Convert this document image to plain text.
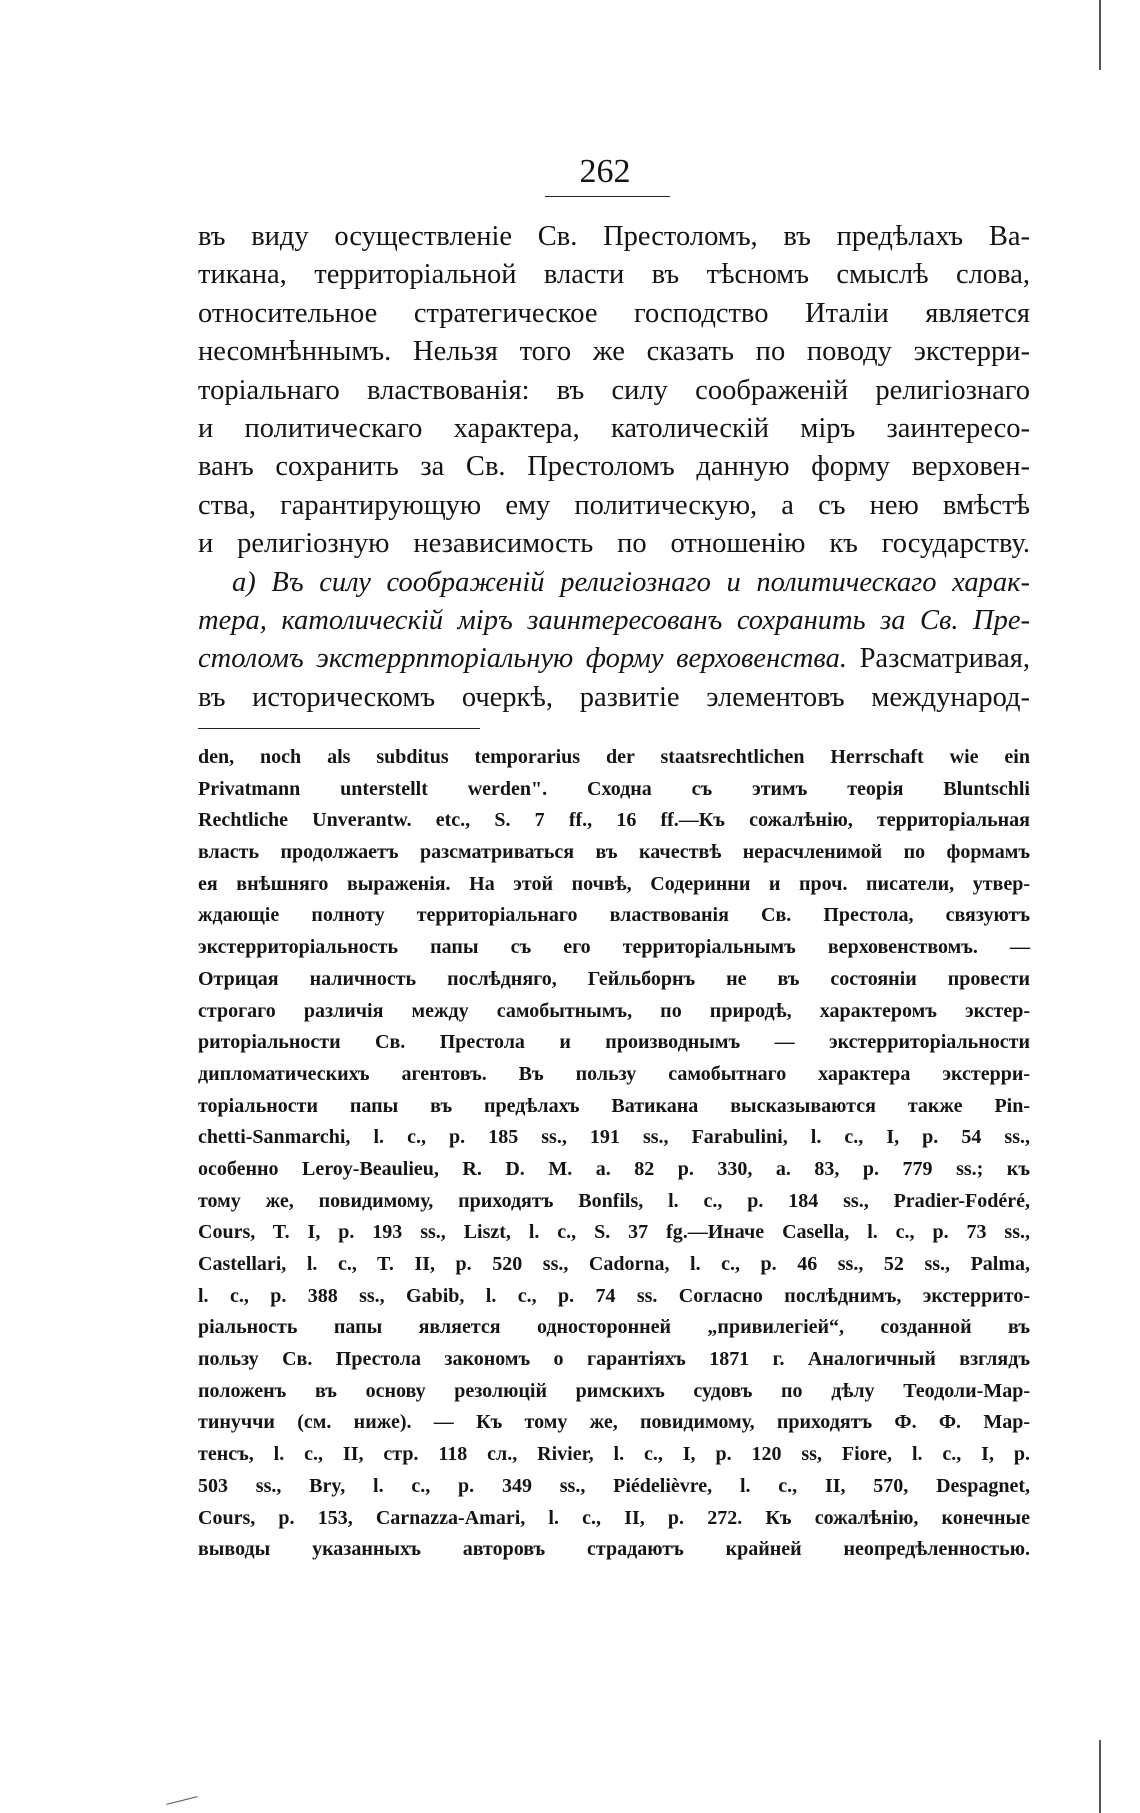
262
въ виду осуществленіе Св. Престоломъ, въ предѣлахъ Ва-
тикана, территоріальной власти въ тѣсномъ смыслѣ слова,
относительное стратегическое господство Италіи является
несомнѣннымъ. Нельзя того же сказать по поводу экстерри-
торіальнаго властвованія: въ силу соображеній религіознаго
и политическаго характера, католическій міръ заинтересо-
ванъ сохранить за Св. Престоломъ данную форму верховен-
ства, гарантирующую ему политическую, а съ нею вмѣстѣ
и религіозную независимость по отношенію къ государству.
а) Въ силу соображеній религіознаго и политическаго харак-
тера, католическій міръ заинтересованъ сохранить за Св. Пре-
столомъ экстеррпторіальную форму верховенства. Разсматривая,
въ историческомъ очеркѣ, развитіе элементовъ международ-
den, noch als subditus temporarius der staatsrechtlichen Herrschaft wie ein
Privatmann unterstellt werden". Сходна съ этимъ теорія Bluntschli
Rechtliche Unverantw. etc., S. 7 ff., 16 ff.—Къ сожалѣнію, территоріальная
власть продолжаетъ разсматриваться въ качествѣ нерасчленимой по формамъ
ея внѣшняго выраженія. На этой почвѣ, Содеринни и проч. писатели, утвер-
ждающіе полноту территоріальнаго властвованія Св. Престола, связуютъ
экстерриторіальность папы съ его территоріальнымъ верховенствомъ. —
Отрицая наличность послѣдняго, Гейльборнъ не въ состояніи провести
строгаго различія между самобытнымъ, по природѣ, характеромъ экстер-
риторіальности Св. Престола и производнымъ — экстерриторіальности
дипломатическихъ агентовъ. Въ пользу самобытнаго характера экстерри-
торіальности папы въ предѣлахъ Ватикана высказываются также Pin-
chetti-Sanmarchi, l. c., p. 185 ss., 191 ss., Farabulini, l. c., I, p. 54 ss.,
особенно Leroy-Beaulieu, R. D. M. a. 82 p. 330, a. 83, p. 779 ss.; къ
тому же, повидимому, приходятъ Bonfils, l. c., p. 184 ss., Pradier-Fodéré,
Cours, T. I, p. 193 ss., Liszt, l. c., S. 37 fg.—Иначе Casella, l. c., p. 73 ss.,
Castellari, l. c., T. II, p. 520 ss., Cadorna, l. c., p. 46 ss., 52 ss., Palma,
l. c., p. 388 ss., Gabib, l. c., p. 74 ss. Согласно послѣднимъ, экстеррито-
ріальность папы является односторонней „привилегіей“, созданной въ
пользу Св. Престола закономъ о гарантіяхъ 1871 г. Аналогичный взглядъ
положенъ въ основу резолюцій римскихъ судовъ по дѣлу Теодоли-Мар-
тинуччи (см. ниже). — Къ тому же, повидимому, приходятъ Ф. Ф. Мар-
тенсъ, l. c., II, стр. 118 сл., Rivier, l. c., I, p. 120 ss, Fiore, l. c., I, p.
503 ss., Bry, l. c., p. 349 ss., Piédelièvre, l. c., II, 570, Despagnet,
Cours, p. 153, Carnazza-Amari, l. c., II, p. 272. Къ сожалѣнію, конечные
выводы указанныхъ авторовъ страдаютъ крайней неопредѣленностью.
